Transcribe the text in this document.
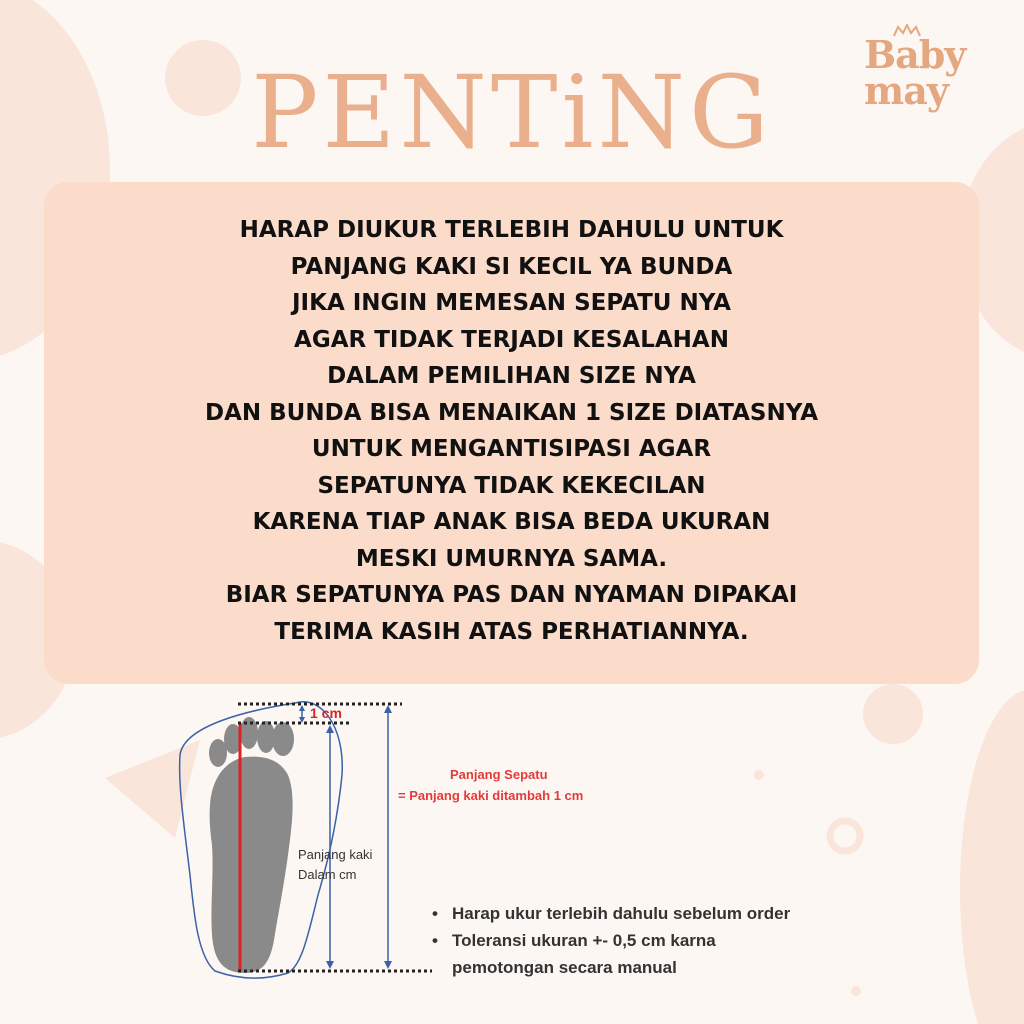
Baby
may
PENTiNG
HARAP DIUKUR TERLEBIH DAHULU UNTUK
PANJANG KAKI SI KECIL YA BUNDA
JIKA INGIN MEMESAN SEPATU NYA
AGAR TIDAK TERJADI KESALAHAN
DALAM PEMILIHAN SIZE NYA
DAN BUNDA BISA MENAIKAN 1 SIZE DIATASNYA
UNTUK MENGANTISIPASI AGAR
SEPATUNYA TIDAK KEKECILAN
KARENA TIAP ANAK BISA BEDA UKURAN
MESKI UMURNYA SAMA.
BIAR SEPATUNYA PAS DAN NYAMAN DIPAKAI
TERIMA KASIH ATAS PERHATIANNYA.
1 cm
Panjang kaki
Dalam cm
Panjang Sepatu
= Panjang kaki ditambah 1 cm
• Harap ukur terlebih dahulu sebelum order
• Toleransi ukuran +- 0,5 cm karna
pemotongan secara manual
